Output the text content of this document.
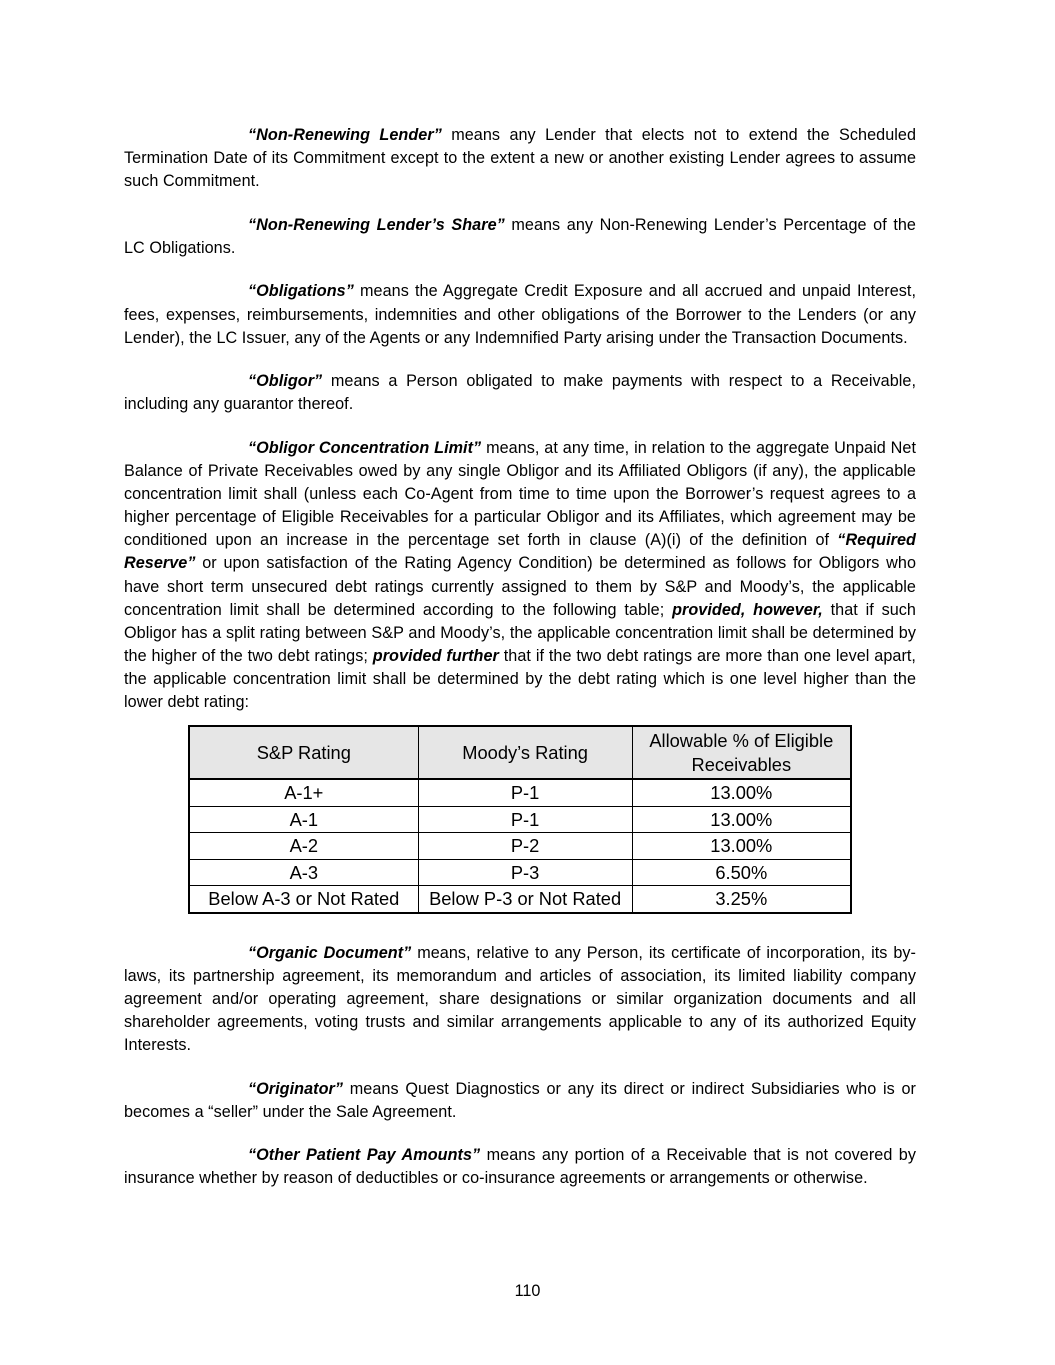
“Non-Renewing Lender” means any Lender that elects not to extend the Scheduled Termination Date of its Commitment except to the extent a new or another existing Lender agrees to assume such Commitment.

“Non-Renewing Lender’s Share” means any Non-Renewing Lender’s Percentage of the LC Obligations.

“Obligations” means the Aggregate Credit Exposure and all accrued and unpaid Interest, fees, expenses, reimbursements, indemnities and other obligations of the Borrower to the Lenders (or any Lender), the LC Issuer, any of the Agents or any Indemnified Party arising under the Transaction Documents.

“Obligor” means a Person obligated to make payments with respect to a Receivable, including any guarantor thereof.

“Obligor Concentration Limit” means, at any time, in relation to the aggregate Unpaid Net Balance of Private Receivables owed by any single Obligor and its Affiliated Obligors (if any), the applicable concentration limit shall (unless each Co-Agent from time to time upon the Borrower’s request agrees to a higher percentage of Eligible Receivables for a particular Obligor and its Affiliates, which agreement may be conditioned upon an increase in the percentage set forth in clause (A)(i) of the definition of “Required Reserve” or upon satisfaction of the Rating Agency Condition) be determined as follows for Obligors who have short term unsecured debt ratings currently assigned to them by S&P and Moody’s, the applicable concentration limit shall be determined according to the following table; provided, however, that if such Obligor has a split rating between S&P and Moody’s, the applicable concentration limit shall be determined by the higher of the two debt ratings; provided further that if the two debt ratings are more than one level apart, the applicable concentration limit shall be determined by the debt rating which is one level higher than the lower debt rating:

S&P Rating	Moody’s Rating	Allowable % of Eligible Receivables
A-1+	P-1	13.00%
A-1	P-1	13.00%
A-2	P-2	13.00%
A-3	P-3	6.50%
Below A-3 or Not Rated	Below P-3 or Not Rated	3.25%

“Organic Document” means, relative to any Person, its certificate of incorporation, its by-laws, its partnership agreement, its memorandum and articles of association, its limited liability company agreement and/or operating agreement, share designations or similar organization documents and all shareholder agreements, voting trusts and similar arrangements applicable to any of its authorized Equity Interests.

“Originator” means Quest Diagnostics or any its direct or indirect Subsidiaries who is or becomes a “seller” under the Sale Agreement.

“Other Patient Pay Amounts” means any portion of a Receivable that is not covered by insurance whether by reason of deductibles or co-insurance agreements or arrangements or otherwise.

110
